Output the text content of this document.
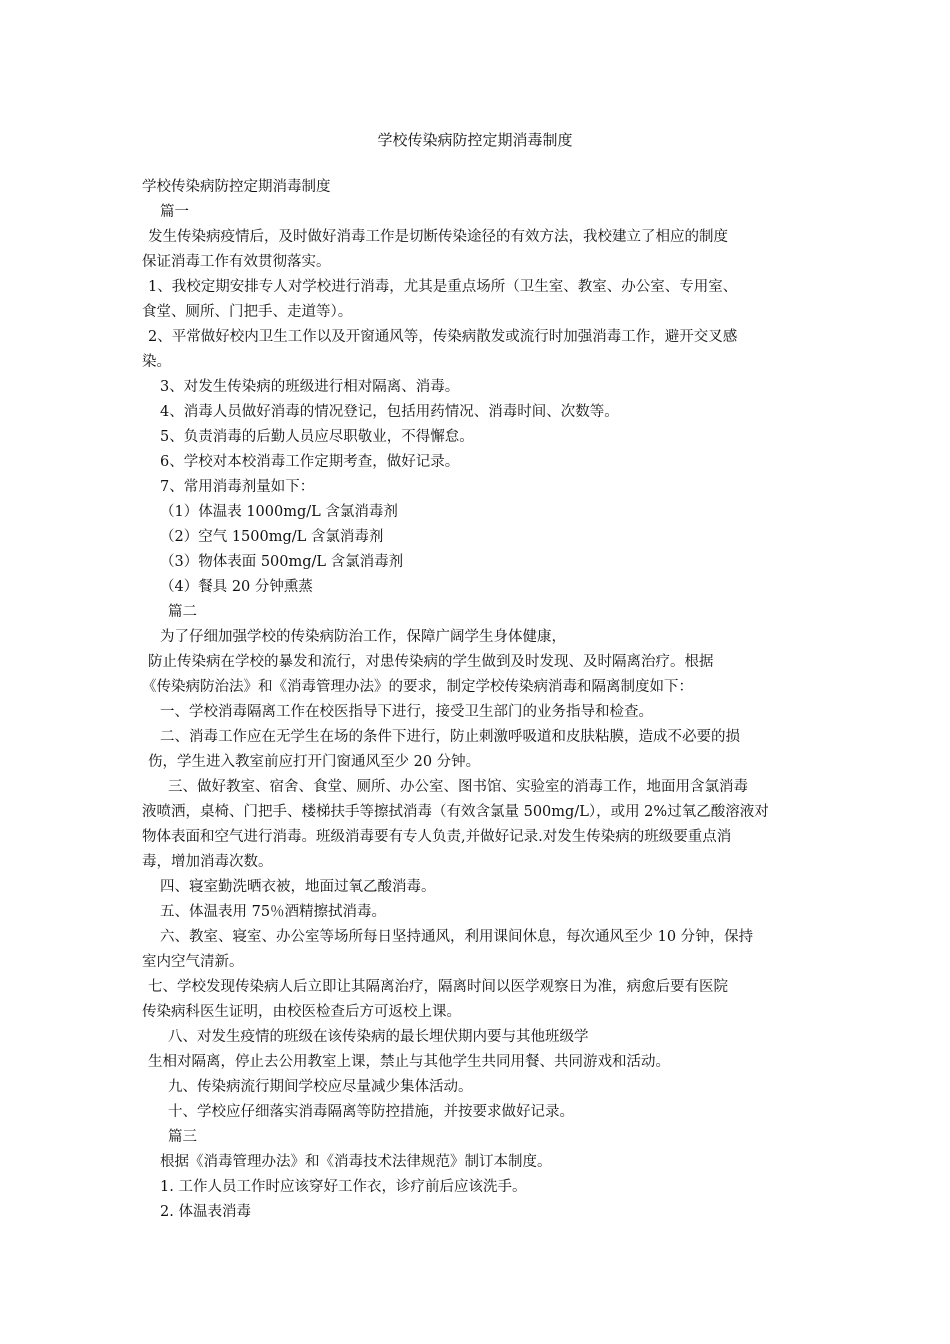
学校传染病防控定期消毒制度
学校传染病防控定期消毒制度
篇一
发生传染病疫情后，及时做好消毒工作是切断传染途径的有效方法，我校建立了相应的制度
保证消毒工作有效贯彻落实。
1、我校定期安排专人对学校进行消毒，尤其是重点场所（卫生室、教室、办公室、专用室、
食堂、厕所、门把手、走道等）。
2、平常做好校内卫生工作以及开窗通风等，传染病散发或流行时加强消毒工作，避开交叉感
染。
3、对发生传染病的班级进行相对隔离、消毒。
4、消毒人员做好消毒的情况登记，包括用药情况、消毒时间、次数等。
5、负责消毒的后勤人员应尽职敬业，不得懈怠。
6、学校对本校消毒工作定期考查，做好记录。
7、常用消毒剂量如下：
（1）体温表 1000mg/L 含氯消毒剂
（2）空气 1500mg/L 含氯消毒剂
（3）物体表面 500mg/L 含氯消毒剂
（4）餐具 20 分钟熏蒸
篇二
为了仔细加强学校的传染病防治工作，保障广阔学生身体健康，
防止传染病在学校的暴发和流行，对患传染病的学生做到及时发现、及时隔离治疗。根据
《传染病防治法》和《消毒管理办法》的要求，制定学校传染病消毒和隔离制度如下：
一、学校消毒隔离工作在校医指导下进行，接受卫生部门的业务指导和检查。
二、消毒工作应在无学生在场的条件下进行，防止刺激呼吸道和皮肤粘膜，造成不必要的损
伤，学生进入教室前应打开门窗通风至少 20 分钟。
三、做好教室、宿舍、食堂、厕所、办公室、图书馆、实验室的消毒工作，地面用含氯消毒
液喷洒，桌椅、门把手、楼梯扶手等擦拭消毒（有效含氯量 500mg/L），或用 2%过氧乙酸溶液对
物体表面和空气进行消毒。班级消毒要有专人负责,并做好记录.对发生传染病的班级要重点消
毒，增加消毒次数。
四、寝室勤洗晒衣被，地面过氧乙酸消毒。
五、体温表用 75％酒精擦拭消毒。
六、教室、寝室、办公室等场所每日坚持通风，利用课间休息，每次通风至少 10 分钟，保持
室内空气清新。
七、学校发现传染病人后立即让其隔离治疗，隔离时间以医学观察日为准，病愈后要有医院
传染病科医生证明，由校医检查后方可返校上课。
八、对发生疫情的班级在该传染病的最长埋伏期内要与其他班级学
生相对隔离，停止去公用教室上课，禁止与其他学生共同用餐、共同游戏和活动。
九、传染病流行期间学校应尽量减少集体活动。
十、学校应仔细落实消毒隔离等防控措施，并按要求做好记录。
篇三
根据《消毒管理办法》和《消毒技术法律规范》制订本制度。
1. 工作人员工作时应该穿好工作衣，诊疗前后应该洗手。
2. 体温表消毒
